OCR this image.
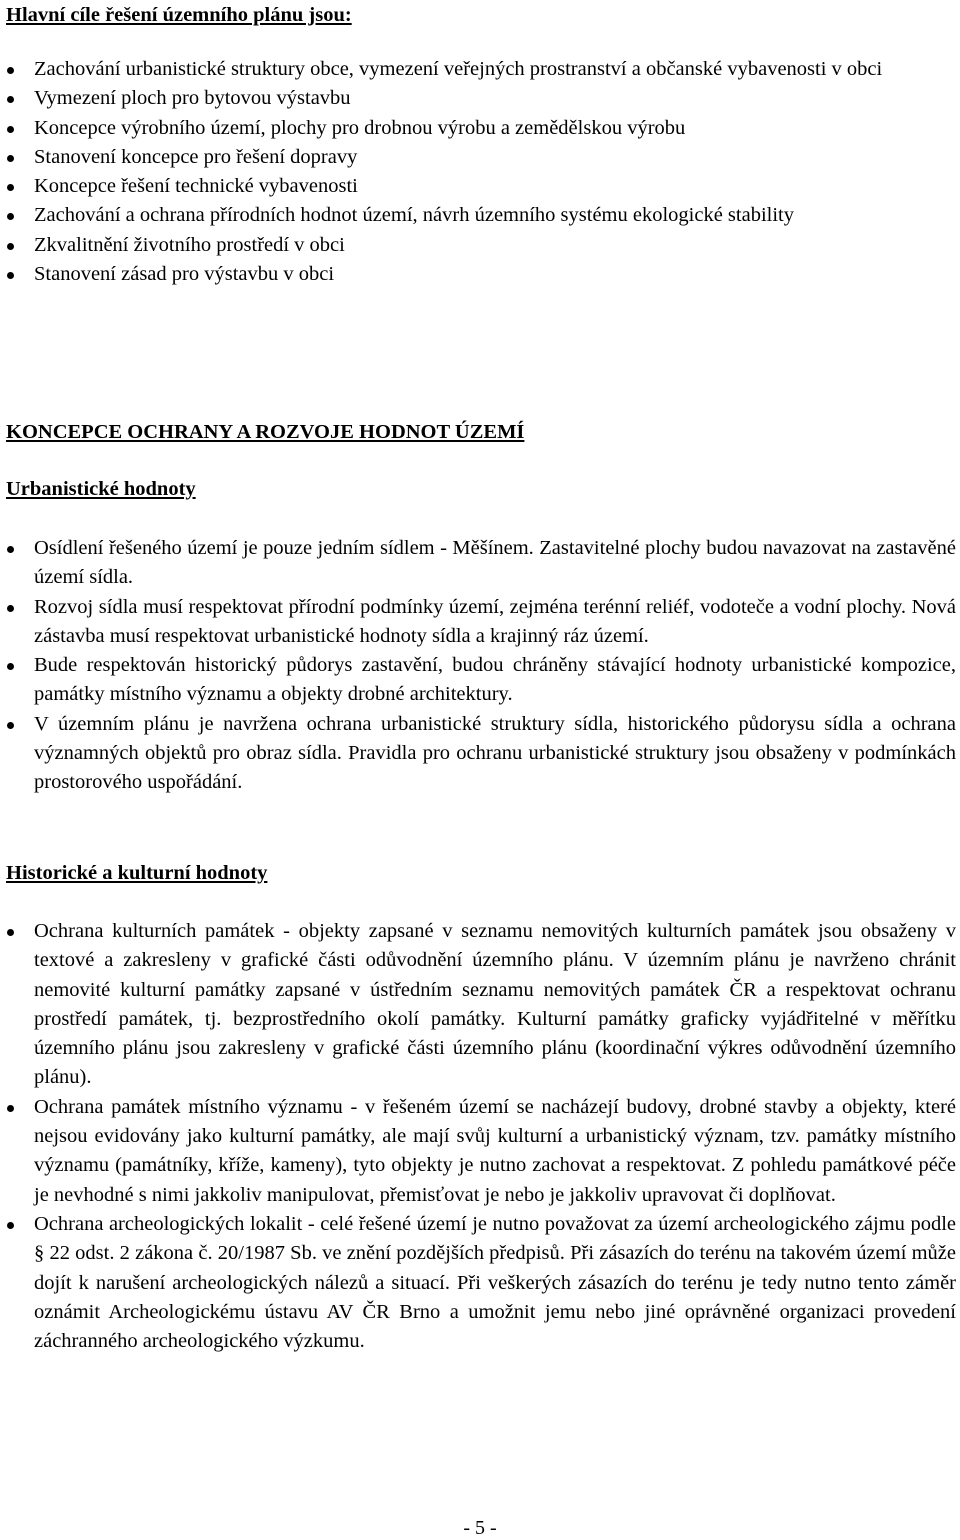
Hlavní cíle řešení územního plánu jsou:
Zachování urbanistické struktury obce, vymezení veřejných prostranství a občanské vybavenosti v obci
Vymezení ploch pro bytovou výstavbu
Koncepce výrobního území, plochy pro drobnou výrobu a zemědělskou výrobu
Stanovení koncepce pro řešení dopravy
Koncepce řešení technické vybavenosti
Zachování a ochrana přírodních hodnot území, návrh územního systému ekologické stability
Zkvalitnění životního prostředí v obci
Stanovení zásad pro výstavbu v obci
KONCEPCE OCHRANY A ROZVOJE HODNOT ÚZEMÍ
Urbanistické hodnoty
Osídlení řešeného území je pouze jedním sídlem - Měšínem. Zastavitelné plochy budou navazovat na zastavěné území sídla.
Rozvoj sídla musí respektovat přírodní podmínky území, zejména terénní reliéf, vodoteče a vodní plochy. Nová zástavba musí respektovat urbanistické hodnoty sídla a krajinný ráz území.
Bude respektován historický půdorys zastavění, budou chráněny stávající hodnoty urbanistické kompozice, památky místního významu a objekty drobné architektury.
V územním plánu je navržena ochrana urbanistické struktury sídla, historického půdorysu sídla a ochrana významných objektů pro obraz sídla. Pravidla pro ochranu urbanistické struktury jsou obsaženy v podmínkách prostorového uspořádání.
Historické a kulturní hodnoty
Ochrana kulturních památek - objekty zapsané v seznamu nemovitých kulturních památek jsou obsaženy v textové a zakresleny v grafické části odůvodnění územního plánu. V územním plánu je navrženo chránit nemovité kulturní památky zapsané v ústředním seznamu nemovitých památek ČR a respektovat ochranu prostředí památek, tj. bezprostředního okolí památky. Kulturní památky graficky vyjádřitelné v měřítku územního plánu jsou zakresleny v grafické části územního plánu (koordinační výkres odůvodnění územního plánu).
Ochrana památek místního významu - v řešeném území se nacházejí budovy, drobné stavby a objekty, které nejsou evidovány jako kulturní památky, ale mají svůj kulturní a urbanistický význam, tzv. památky místního významu (památníky, kříže, kameny), tyto objekty je nutno zachovat a respektovat. Z pohledu památkové péče je nevhodné s nimi jakkoliv manipulovat, přemisťovat je nebo je jakkoliv upravovat či doplňovat.
Ochrana archeologických lokalit - celé řešené území je nutno považovat za území archeologického zájmu podle § 22 odst. 2 zákona č. 20/1987 Sb. ve znění pozdějších předpisů. Při zásazích do terénu na takovém území může dojít k narušení archeologických nálezů a situací. Při veškerých zásazích do terénu je tedy nutno tento záměr oznámit Archeologickému ústavu AV ČR Brno a umožnit jemu nebo jiné oprávněné organizaci provedení záchranného archeologického výzkumu.
- 5 -
